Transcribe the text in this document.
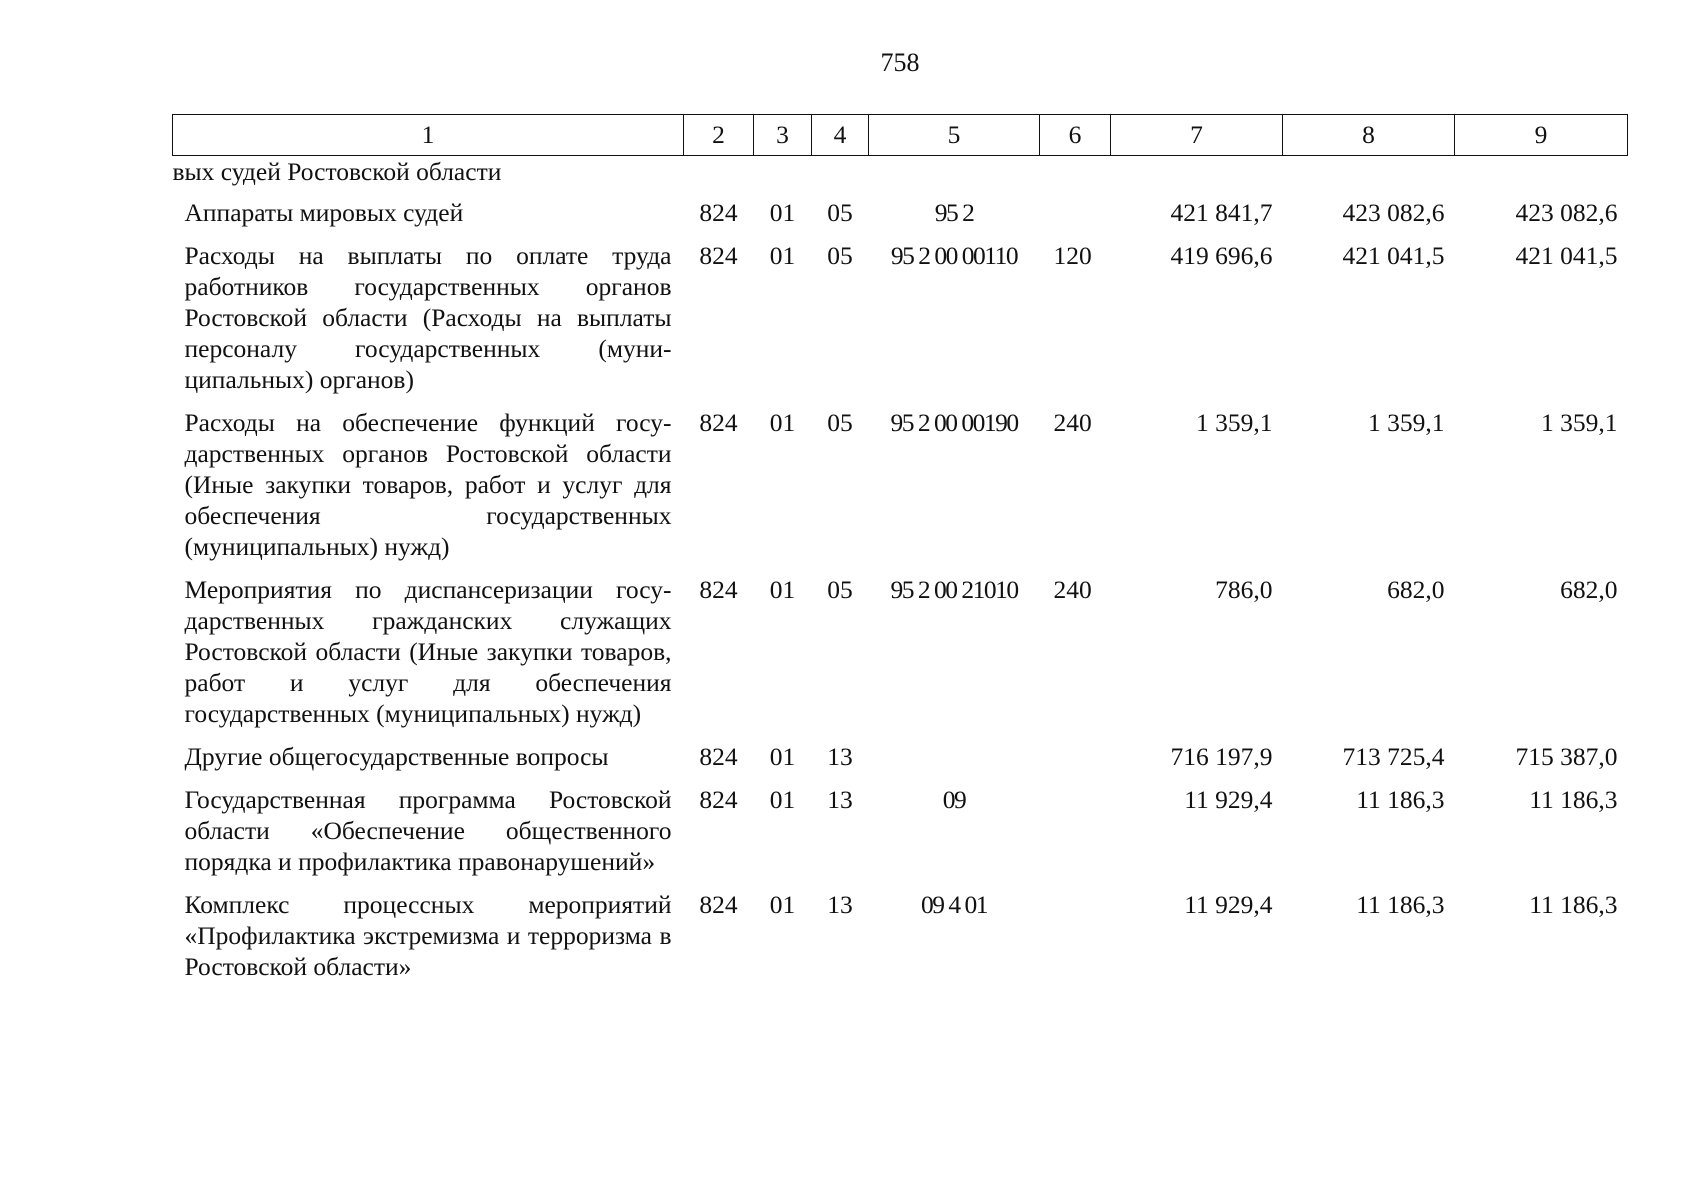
758
1	2	3	4	5	6	7	8	9
вых судей Ростовской области								
Аппараты мировых судей	824	01	05	95 2		421 841,7	423 082,6	423 082,6
Расходы на выплаты по оплате труда работников государственных органов Ростовской области (Расходы на выплаты персоналу государственных (муниципальных) органов)	824	01	05	95 2 00 00110	120	419 696,6	421 041,5	421 041,5
Расходы на обеспечение функций государственных органов Ростовской области (Иные закупки товаров, работ и услуг для обеспечения государственных (муниципальных) нужд)	824	01	05	95 2 00 00190	240	1 359,1	1 359,1	1 359,1
Мероприятия по диспансеризации государственных гражданских служащих Ростовской области (Иные закупки товаров, работ и услуг для обеспечения государственных (муниципальных) нужд)	824	01	05	95 2 00 21010	240	786,0	682,0	682,0
Другие общегосударственные вопросы	824	01	13			716 197,9	713 725,4	715 387,0
Государственная программа Ростовской области «Обеспечение общественного порядка и профилактика правонарушений»	824	01	13	09		11 929,4	11 186,3	11 186,3
Комплекс процессных мероприятий «Профилактика экстремизма и терроризма в Ростовской области»	824	01	13	09 4 01		11 929,4	11 186,3	11 186,3
